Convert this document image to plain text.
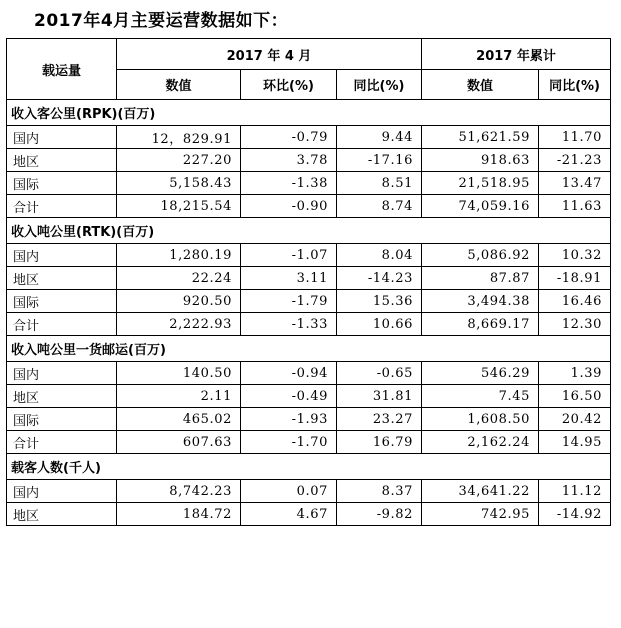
2017年4月主要运营数据如下：
载运量	2017 年 4 月			2017 年累计	
	数值	环比(%)	同比(%)	数值	同比(%)
收入客公里(RPK)(百万)					
国内	12，829.91	-0.79	9.44	51,621.59	11.70
地区	227.20	3.78	-17.16	918.63	-21.23
国际	5,158.43	-1.38	8.51	21,518.95	13.47
合计	18,215.54	-0.90	8.74	74,059.16	11.63
收入吨公里(RTK)(百万)					
国内	1,280.19	-1.07	8.04	5,086.92	10.32
地区	22.24	3.11	-14.23	87.87	-18.91
国际	920.50	-1.79	15.36	3,494.38	16.46
合计	2,222.93	-1.33	10.66	8,669.17	12.30
收入吨公里一货邮运(百万)					
国内	140.50	-0.94	-0.65	546.29	1.39
地区	2.11	-0.49	31.81	7.45	16.50
国际	465.02	-1.93	23.27	1,608.50	20.42
合计	607.63	-1.70	16.79	2,162.24	14.95
载客人数(千人)					
国内	8,742.23	0.07	8.37	34,641.22	11.12
地区	184.72	4.67	-9.82	742.95	-14.92
